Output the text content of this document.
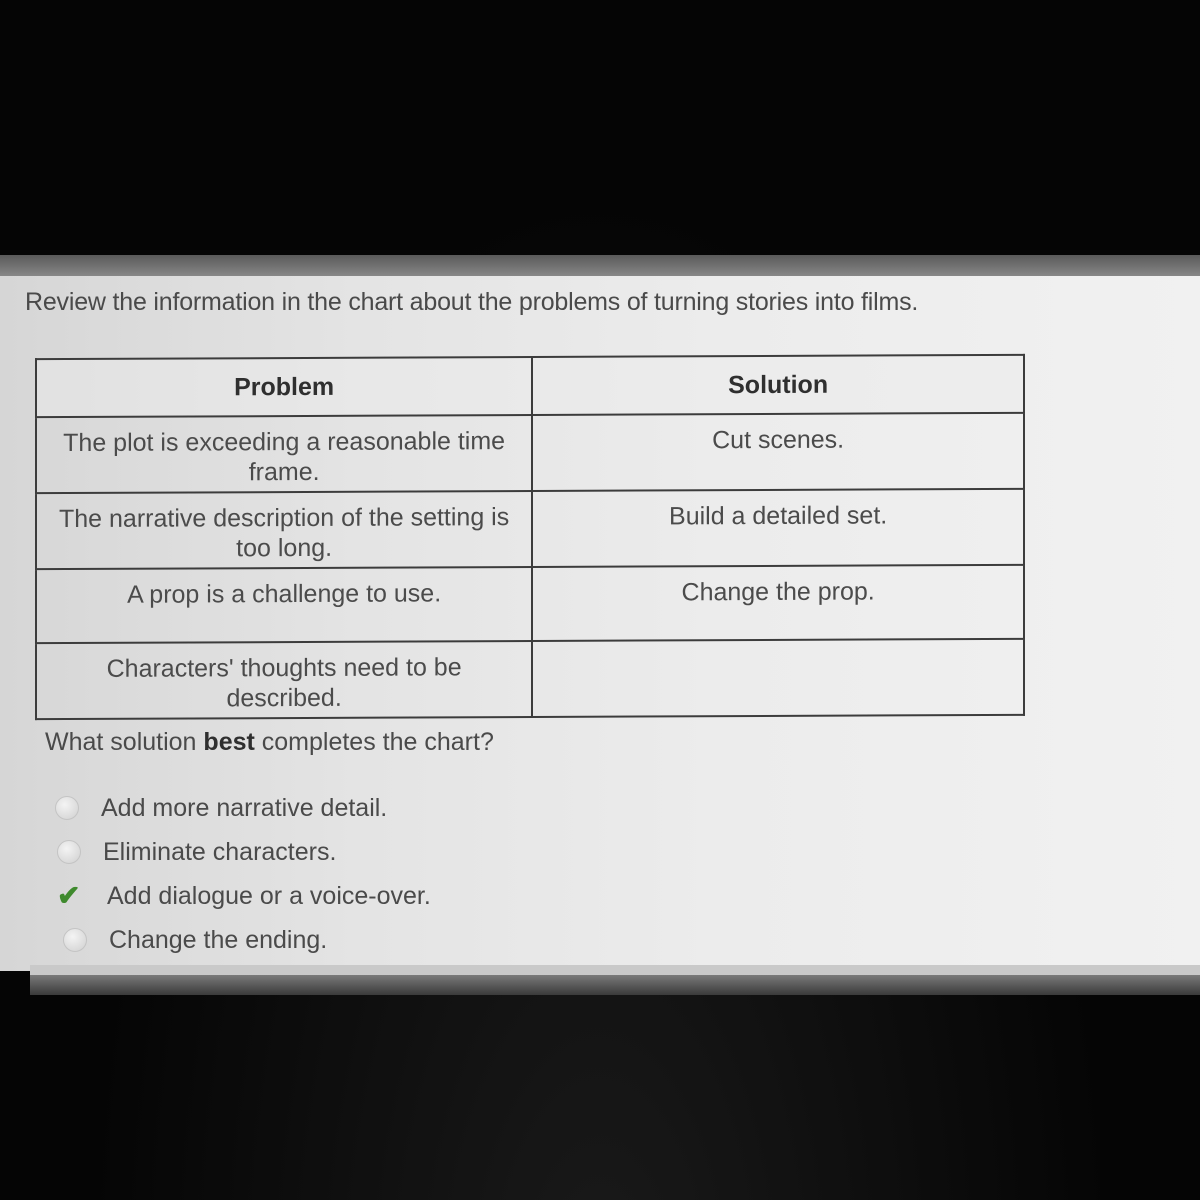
Review the information in the chart about the problems of turning stories into films.
Problem	Solution
The plot is exceeding a reasonable time frame.	Cut scenes.
The narrative description of the setting is too long.	Build a detailed set.
A prop is a challenge to use.	Change the prop.
Characters' thoughts need to be described.	
What solution best completes the chart?
Add more narrative detail.
Eliminate characters.
✔ Add dialogue or a voice-over.
Change the ending.
